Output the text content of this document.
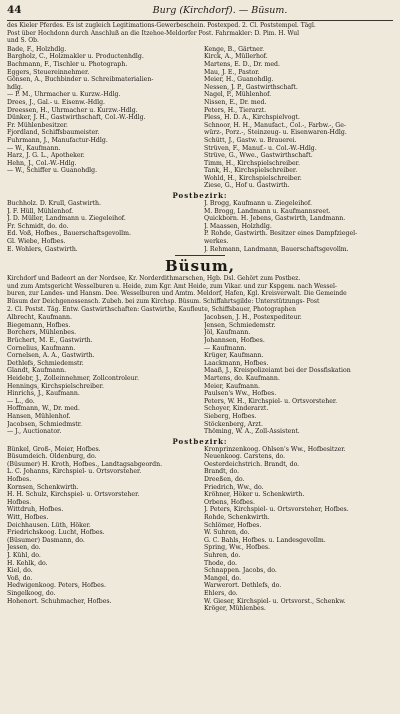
44	Burg (Kirchdorf). — Büsum.
des Kieler Pferdes. Es ist zugleich Legitimations-Gewerbeschein. Postexped. 2. Cl. Poststempel. Tägl.
Post über Hochdonn durch Anschluß an die Itzehoe-Meldorfer Post. Fahrmakler: D. Pim. H. Wul
und S. Ob.
Bade, F., Holzhdlg.
Bargholz, C., Holzmakler u. Productenhdlg.
Bachmann, F., Tischler u. Photograph.
Eggers, Steuereinnehmer.
Gönsen, A., Buchbinder u. Schreibmaterialien-
hdlg.
— P. M., Uhrmacher u. Kurzw.-Hdlg.
Drees, J., Gal.- u. Eisenw.-Hdlg.
Dreessen, H., Uhrmacher u. Kurzw.-Hdlg.
Dünker, J. H., Gastwirthschaft, Col.-W.-Hdlg.
Fr. Mühlenbesitzer.
Fjordland, Schiffsbaumeister.
Fuhrmann, J., Manufactur-Hdlg.
— W., Kaufmann.
Harz, J. G. L., Apotheker.
Hehn, J., Col.-W.-Hdlg.
— W., Schiffer u. Guanohdlg.
Kenge, B., Gärtner.
Kirck, A., Müllerhof.
Martens, E. D., Dr. med.
Mau, J. E., Pastor.
Meier, H., Guanohdlg.
Nessen, J. P., Gastwirthschaft.
Nagel, P., Mühlenhof.
Nissen, E., Dr. med.
Peters, H., Tierarzt.
Pless, H. D. A., Kirchspielvogt.
Schnoor, H. H., Manufact., Col.-, Farbw.-, Ge-
würz-, Porz.-, Steinzeug- u. Eisenwaren-Hdlg.
Schütt, J., Gastw. u. Brauerei.
Strüven, F., Manuf.- u. Col.-W.-Hdlg.
Strüve, G., Wwe., Gastwirthschaft.
Timm, H., Kirchspielschreiber.
Tank, H., Kirchspielschreiber.
Wohld, H., Kirchspielschreiber.
Ziese, G., Hof u. Gastwirth.
Postbezirk:
Buchholz. D. Krull, Gastwirth.
J. F. Hüll, Mühlenhof.
J. D. Müller, Landmann u. Ziegeleihof.
Fr. Schmidt, do. do.
Ed. Voß, Hofbes., Bauerschaftsgevollm.
Gl. Wiebe, Hofbes.
E. Wohlers, Gastwirth.
J. Brogg, Kaufmann u. Ziegeleihof.
M. Brogg, Landmann u. Kaufmannsreet.
Quickborn. H. Jebens, Gastwirth, Landmann.
J. Maassen, Holzhdlg.
P. Rohde, Gastwirth. Besitzer eines Dampfziegel-
werkes.
J. Rehmann, Landmann, Bauerschaftsgevollm.
Büsum,
Kirchdorf und Badeort an der Nordsee, Kr. Norderdithmarschen, Hgb. Dsl. Gehört zum Postbez.
und zum Amtsgericht Wesselburen u. Heide, zum Kgr. Amt Heide, zum Vikar. und zur Kspgem. nach Wessel-
buren, zur Landes- und Hansm. Dee. Wesselburen und Amtm. Meldorf, Hafen, Kgl. Kreisverwalt. Die Gemeinde
Büsum der Deichgenossensch. Zubeh. bei zum Kirchsp. Büsum. Schiffahrtsgilde: Unterstützungs- Post
2. Cl. Postst. Täg. Entw. Gastwirthschaften: Gastwirthe, Kaufleute, Schiffsbauer, Photographen
Albrecht, Kaufmann.
Biegemann, Hofbes.
Borchers, Mühlenbes.
Brüchert, M. E., Gastwirth.
Cornelius, Kaufmann.
Cornelsen, A. A., Gastwirth.
Dethlefs, Schmiedemstr.
Glandt, Kaufmann.
Heidebr, J., Zolleinnehmer, Zollcontroleur.
Hennings, Kirchspielschreiber.
Hinrichs, J., Kaufmann.
— L., do.
Hoffmann, W., Dr. med.
Hansen, Mühlenhof.
Jacobsen, Schmiedmstr.
— J., Auctionator.
Jacobsen, J. H., Postexpediteur.
Jensen, Schmiedemstr.
Jöl, Kaufmann.
Johannsen, Hofbes.
— Kaufmann.
Krüger, Kaufmann.
Laackmann, Hofbes.
Maaß, J., Kreispolizeiamt bei der Dossfiskation
Martens, do. Kaufmann.
Meier, Kaufmann.
Paulsen's Ww., Hofbes.
Peters, W. H., Kirchspiel- u. Ortsvorsteher.
Schoyer, Kinderarzt.
Sieberg, Hofbes.
Stöckenberg, Arzt.
Thöming, W. A., Zoll-Assistent.
Postbezirk:
Bünkel, Groß-, Meier, Hofbes.
Büsumdeich. Oldenburg, do.
(Büsumer) H. Kroth, Hofbes., Landtagsabgeordn.
L. C. Johanns, Kirchspiel- u. Ortsvorsteher.
Hofbes.
Kornsen, Schenkwirth.
H. H. Schulz, Kirchspiel- u. Ortsvorsteher.
Hofbes.
Wittdruh, Hofbes.
Witt, Hofbes.
Deichhausen. Lüth, Höker.
Friedrichskoog. Lucht, Hofbes.
(Büsumer) Dasmann, do.
Jessen, do.
J. Kühl, do.
H. Kehlk, do.
Kiel, do.
Voß, do.
Hedwigenkoog. Peters, Hofbes.
Singelkoog, do.
Hohenort. Schuhmacher, Hofbes.
Kronprinzenkoog. Ohlsen's Ww., Hofbesitzer.
Neuenkoog. Carstens, do.
Oesterdeichstrich. Brandt, do.
Brandt, do.
Dreeßen, do.
Friedrich, Ww., do.
Kröhner, Höker u. Schenkwirth.
Orbens, Hofbes.
J. Peters, Kirchspiel- u. Ortsvorsteher, Hofbes.
Rohde, Schenkwirth.
Schlömer, Hofbes.
W. Suhren, do.
G. C. Bahls, Hofbes. u. Landesgevollm.
Spring, Ww., Hofbes.
Suhren, do.
Thode, do.
Schnappen. Jacobs, do.
Mangel, do.
Warwerort. Dethlefs, do.
Ehlers, do.
W. Gieser, Kirchspiel- u. Ortsvorst., Schenkw.
Kröger, Mühlenbes.
